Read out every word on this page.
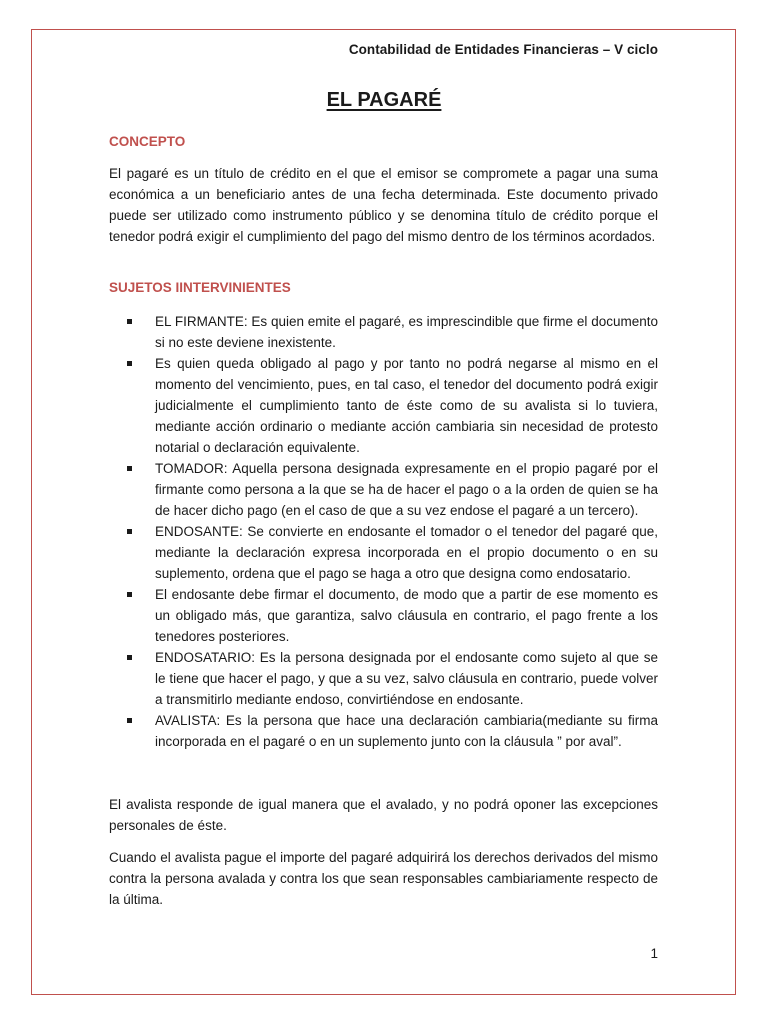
Contabilidad de Entidades Financieras – V ciclo
EL PAGARÉ
CONCEPTO
El pagaré es un título de crédito en el que el emisor se compromete a pagar una suma económica a un beneficiario antes de una fecha determinada. Este documento privado puede ser utilizado como instrumento público y se denomina título de crédito porque el tenedor podrá exigir el cumplimiento del pago del mismo dentro de los términos acordados.
SUJETOS IINTERVINIENTES
EL FIRMANTE: Es quien emite el pagaré, es imprescindible que firme el documento si no este deviene inexistente.
Es quien queda obligado al pago y por tanto no podrá negarse al mismo en el momento del vencimiento, pues, en tal caso, el tenedor del documento podrá exigir judicialmente el cumplimiento tanto de éste como de su avalista si lo tuviera, mediante acción ordinario o mediante acción cambiaria sin necesidad de protesto notarial o declaración equivalente.
TOMADOR: Aquella persona designada expresamente en el propio pagaré por el firmante como persona a la que se ha de hacer el pago o a la orden de quien se ha de hacer dicho pago (en el caso de que a su vez endose el pagaré a un tercero).
ENDOSANTE: Se convierte en endosante el tomador o el tenedor del pagaré que, mediante la declaración expresa incorporada en el propio documento o en su suplemento, ordena que el pago se haga a otro que designa como endosatario.
El endosante debe firmar el documento, de modo que a partir de ese momento es un obligado más, que garantiza, salvo cláusula en contrario, el pago frente a los tenedores posteriores.
ENDOSATARIO: Es la persona designada por el endosante como sujeto al que se le tiene que hacer el pago, y que a su vez, salvo cláusula en contrario, puede volver a transmitirlo mediante endoso, convirtiéndose en endosante.
AVALISTA: Es la persona que hace una declaración cambiaria(mediante su firma incorporada en el pagaré o en un suplemento junto con la cláusula ” por aval”.
El avalista responde de igual manera que el avalado, y no podrá oponer las excepciones personales de éste.
Cuando el avalista pague el importe del pagaré adquirirá los derechos derivados del mismo contra la persona avalada y contra los que sean responsables cambiariamente respecto de la última.
1
